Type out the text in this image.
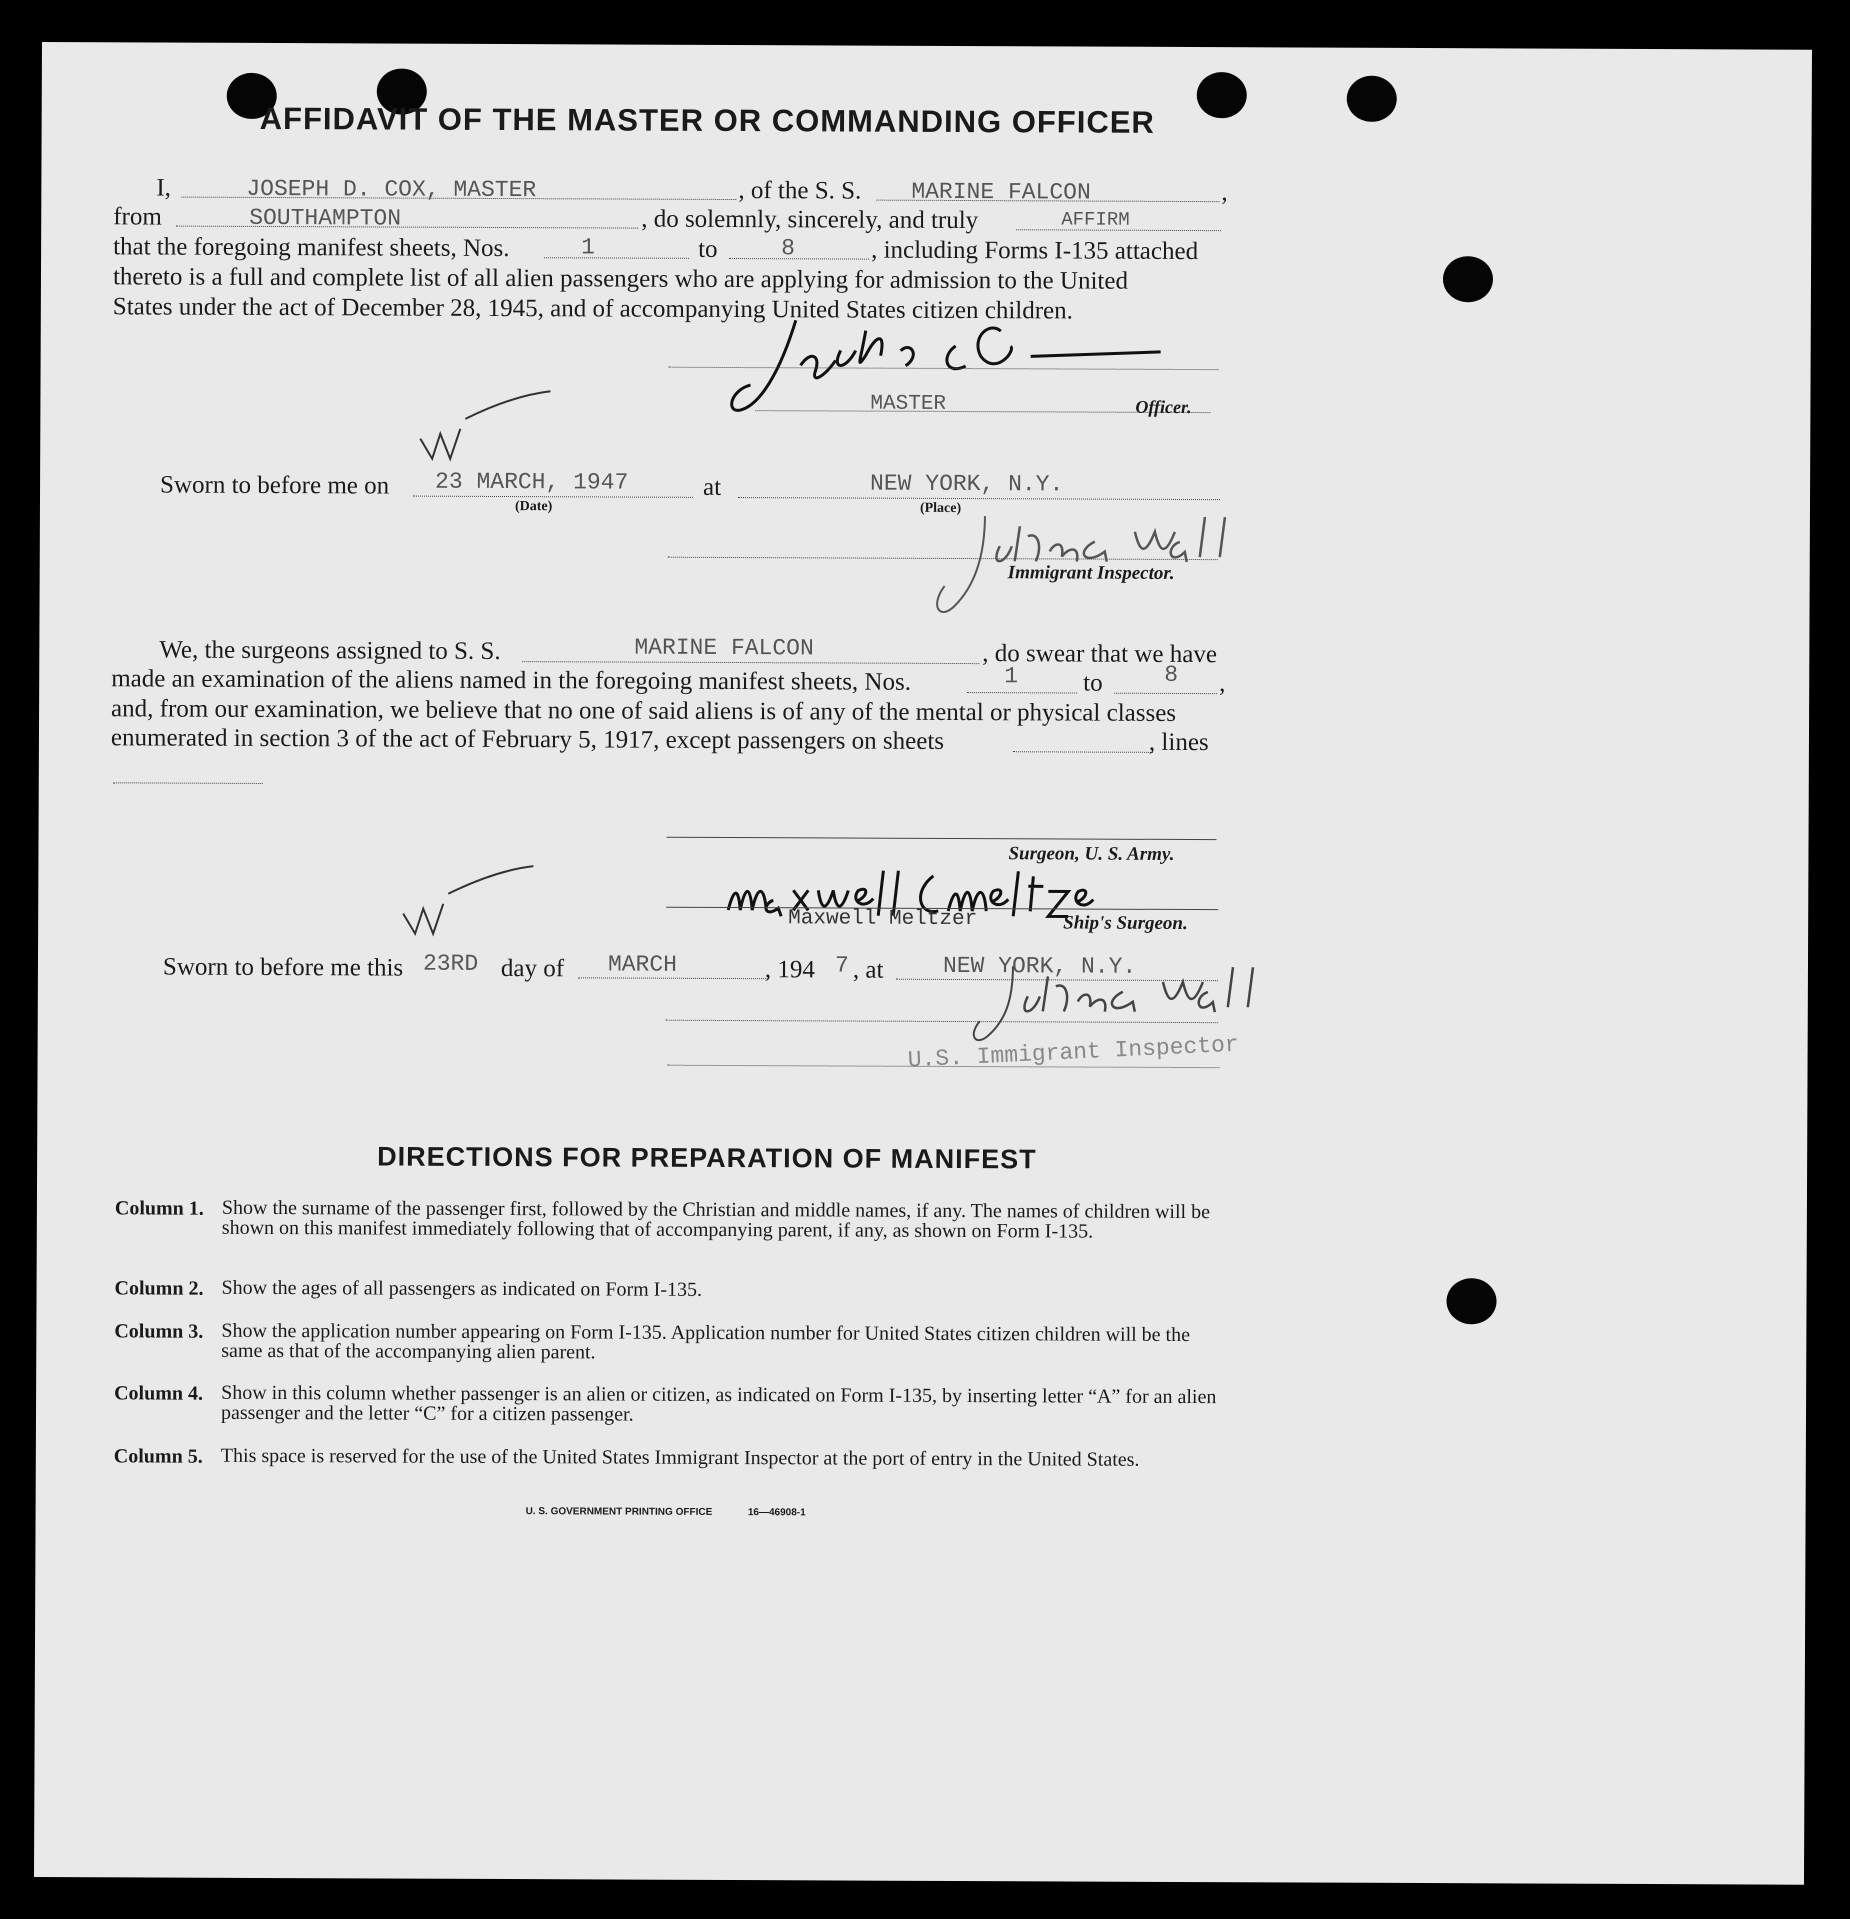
AFFIDAVIT OF THE MASTER OR COMMANDING OFFICER
I,	JOSEPH D. COX, MASTER	, of the S. S. MARINE FALCON	,
from	SOUTHAMPTON	, do solemnly, sincerely, and truly	AFFIRM
that the foregoing manifest sheets, Nos.	1	to	8	, including Forms I-135 attached
thereto is a full and complete list of all alien passengers who are applying for admission to the United
States under the act of December 28, 1945, and of accompanying United States citizen children.
MASTER	Officer.
Sworn to before me on 23 MARCH, 1947
(Date)
at	NEW YORK, N.Y.
(Place)
Immigrant Inspector.
We, the surgeons assigned to S. S.	MARINE FALCON	, do swear that we have
made an examination of the aliens named in the foregoing manifest sheets, Nos.	1	to	8 ,
and, from our examination, we believe that no one of said aliens is of any of the mental or physical classes
enumerated in section 3 of the act of February 5, 1917, except passengers on sheets	, lines
Surgeon, U. S. Army.
Maxwell Meltzer	Ship's Surgeon.
Sworn to before me this 23RD day of MARCH	, 194 7 , at	NEW YORK, N.Y.
U.S. Immigrant Inspector
DIRECTIONS FOR PREPARATION OF MANIFEST
Column 1. Show the surname of the passenger first, followed by the Christian and middle names, if any. The names of children will be shown on this manifest immediately following that of accompanying parent, if any, as shown on Form I-135.
Column 2. Show the ages of all passengers as indicated on Form I-135.
Column 3. Show the application number appearing on Form I-135. Application number for United States citizen children will be the same as that of the accompanying alien parent.
Column 4. Show in this column whether passenger is an alien or citizen, as indicated on Form I-135, by inserting letter “A” for an alien passenger and the letter “C” for a citizen passenger.
Column 5. This space is reserved for the use of the United States Immigrant Inspector at the port of entry in the United States.
U. S. GOVERNMENT PRINTING OFFICE	16—46908-1
